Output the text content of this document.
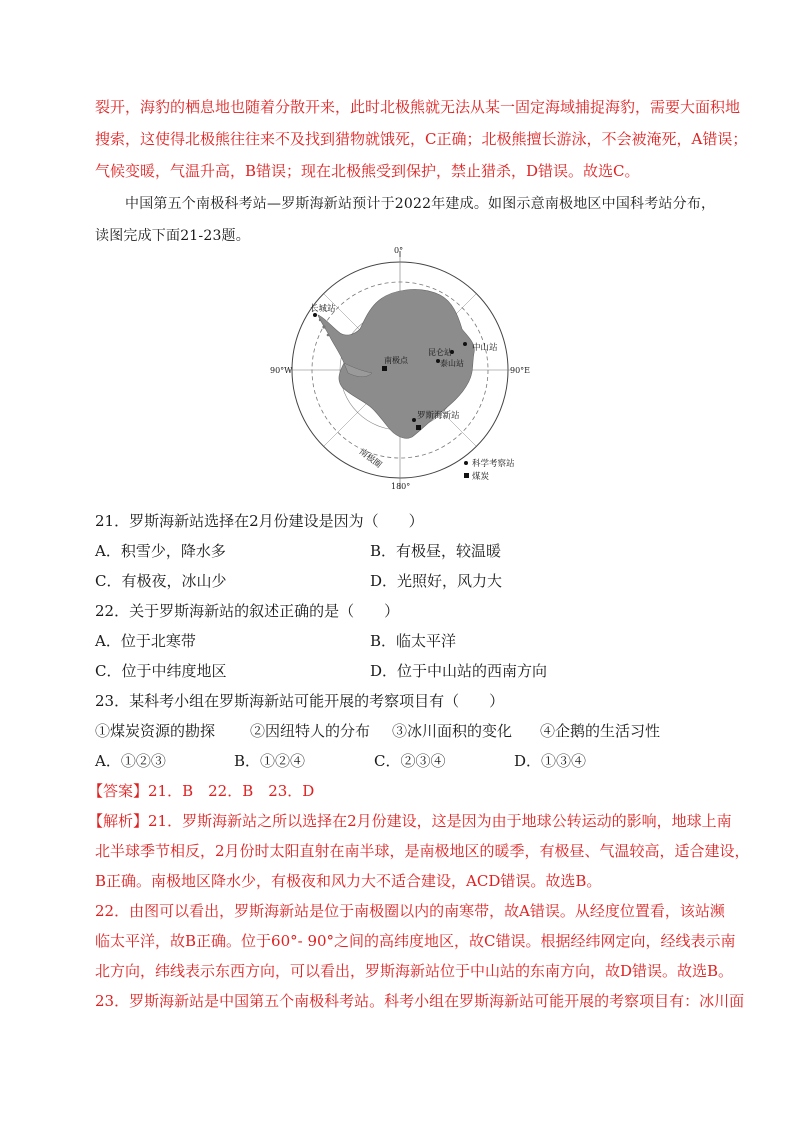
裂开，海豹的栖息地也随着分散开来，此时北极熊就无法从某一固定海域捕捉海豹，需要大面积地
搜索，这使得北极熊往往来不及找到猎物就饿死，C正确；北极熊擅长游泳，不会被淹死，A错误；
气候变暖，气温升高，B错误；现在北极熊受到保护，禁止猎杀，D错误。故选C。
中国第五个南极科考站—罗斯海新站预计于2022年建成。如图示意南极地区中国科考站分布，
读图完成下面21-23题。
0°
180°
90°W	90°E
长城站
中山站
昆仑站
南极点	泰山站
罗斯海新站
南极圈	科学考察站
煤炭
21．罗斯海新站选择在2月份建设是因为（　　）
A．积雪少，降水多	B．有极昼，较温暖
C．有极夜，冰山少	D．光照好，风力大
22．关于罗斯海新站的叙述正确的是（　　）
A．位于北寒带	B．临太平洋
C．位于中纬度地区	D．位于中山站的西南方向
23．某科考小组在罗斯海新站可能开展的考察项目有（　　）
①煤炭资源的勘探 ②因纽特人的分布 ③冰川面积的变化 ④企鹅的生活习性
A．①②③	B．①②④	C．②③④	D．①③④
【答案】21．B　22．B　23．D
【解析】21．罗斯海新站之所以选择在2月份建设，这是因为由于地球公转运动的影响，地球上南
北半球季节相反，2月份时太阳直射在南半球，是南极地区的暖季，有极昼、气温较高，适合建设，
B正确。南极地区降水少，有极夜和风力大不适合建设，ACD错误。故选B。
22．由图可以看出，罗斯海新站是位于南极圈以内的南寒带，故A错误。从经度位置看，该站濒
临太平洋，故B正确。位于60°- 90°之间的高纬度地区，故C错误。根据经纬网定向，经线表示南
北方向，纬线表示东西方向，可以看出，罗斯海新站位于中山站的东南方向，故D错误。故选B。
23．罗斯海新站是中国第五个南极科考站。科考小组在罗斯海新站可能开展的考察项目有：冰川面
